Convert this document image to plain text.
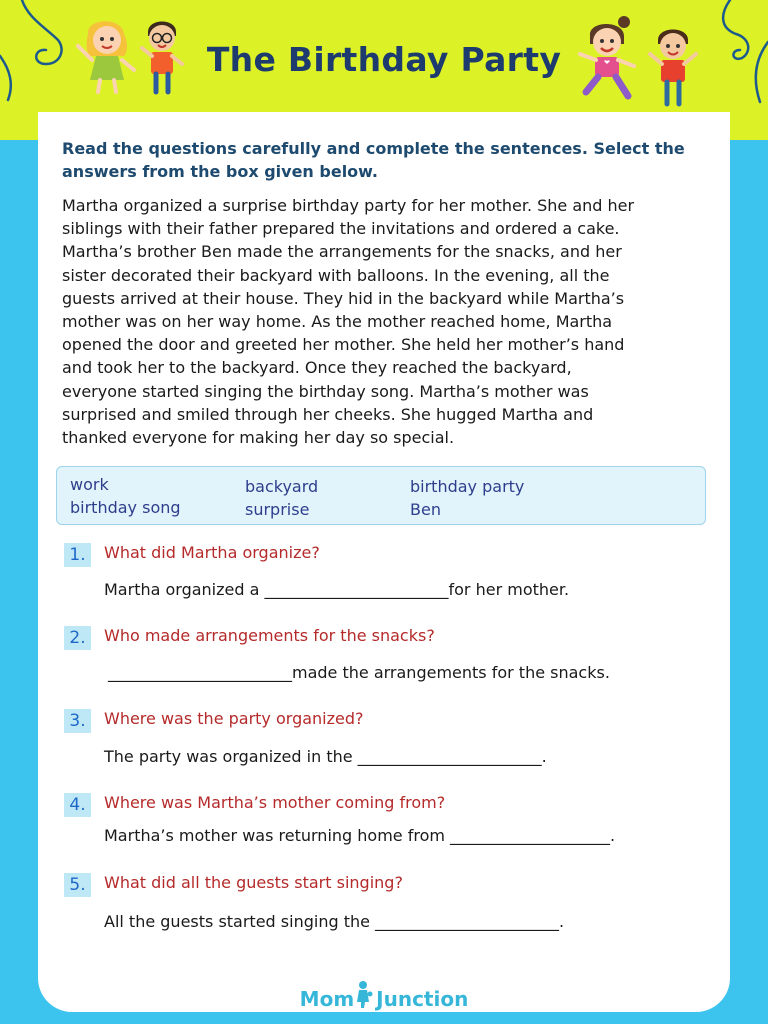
The Birthday Party
Read the questions carefully and complete the sentences. Select the answers from the box given below.
Martha organized a surprise birthday party for her mother. She and her
siblings with their father prepared the invitations and ordered a cake.
Martha’s brother Ben made the arrangements for the snacks, and her
sister decorated their backyard with balloons. In the evening, all the
guests arrived at their house. They hid in the backyard while Martha’s
mother was on her way home. As the mother reached home, Martha
opened the door and greeted her mother. She held her mother’s hand
and took her to the backyard. Once they reached the backyard,
everyone started singing the birthday song. Martha’s mother was
surprised and smiled through her cheeks. She hugged Martha and
thanked everyone for making her day so special.
work	backyard	birthday party
birthday song	surprise	Ben
1.	What did Martha organize?
Martha organized a _______________________for her mother.
2.	Who made arrangements for the snacks?
_______________________made the arrangements for the snacks.
3.	Where was the party organized?
The party was organized in the _______________________.
4.	Where was Martha’s mother coming from?
Martha’s mother was returning home from ____________________.
5.	What did all the guests start singing?
All the guests started singing the _______________________.
Mom Junction
